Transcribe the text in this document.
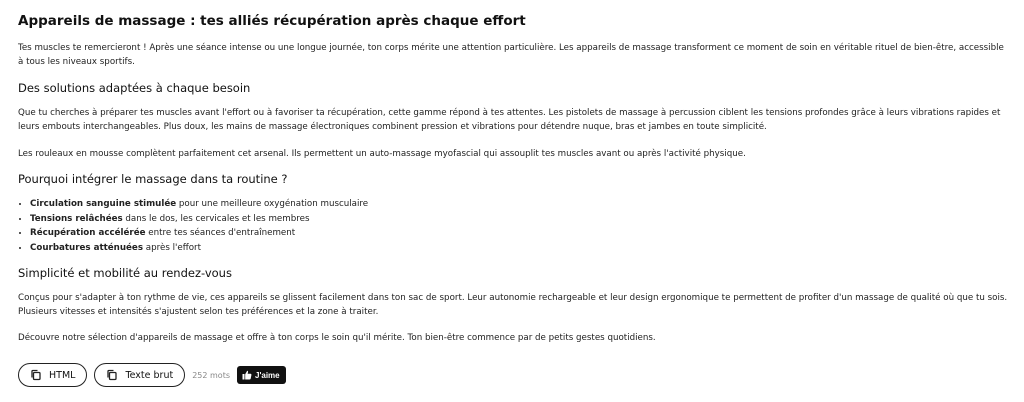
Appareils de massage : tes alliés récupération après chaque effort

Tes muscles te remercieront ! Après une séance intense ou une longue journée, ton corps mérite une attention particulière. Les appareils de massage transforment ce moment de soin en véritable rituel de bien-être, accessible à tous les niveaux sportifs.

Des solutions adaptées à chaque besoin

Que tu cherches à préparer tes muscles avant l'effort ou à favoriser ta récupération, cette gamme répond à tes attentes. Les pistolets de massage à percussion ciblent les tensions profondes grâce à leurs vibrations rapides et leurs embouts interchangeables. Plus doux, les mains de massage électroniques combinent pression et vibrations pour détendre nuque, bras et jambes en toute simplicité.

Les rouleaux en mousse complètent parfaitement cet arsenal. Ils permettent un auto-massage myofascial qui assouplit tes muscles avant ou après l'activité physique.

Pourquoi intégrer le massage dans ta routine ?
• Circulation sanguine stimulée pour une meilleure oxygénation musculaire
• Tensions relâchées dans le dos, les cervicales et les membres
• Récupération accélérée entre tes séances d'entraînement
• Courbatures atténuées après l'effort
Simplicité et mobilité au rendez-vous

Conçus pour s'adapter à ton rythme de vie, ces appareils se glissent facilement dans ton sac de sport. Leur autonomie rechargeable et leur design ergonomique te permettent de profiter d'un massage de qualité où que tu sois. Plusieurs vitesses et intensités s'ajustent selon tes préférences et la zone à traiter.

Découvre notre sélection d'appareils de massage et offre à ton corps le soin qu'il mérite. Ton bien-être commence par de petits gestes quotidiens.

HTML	Texte brut 252 mots	J'aime
